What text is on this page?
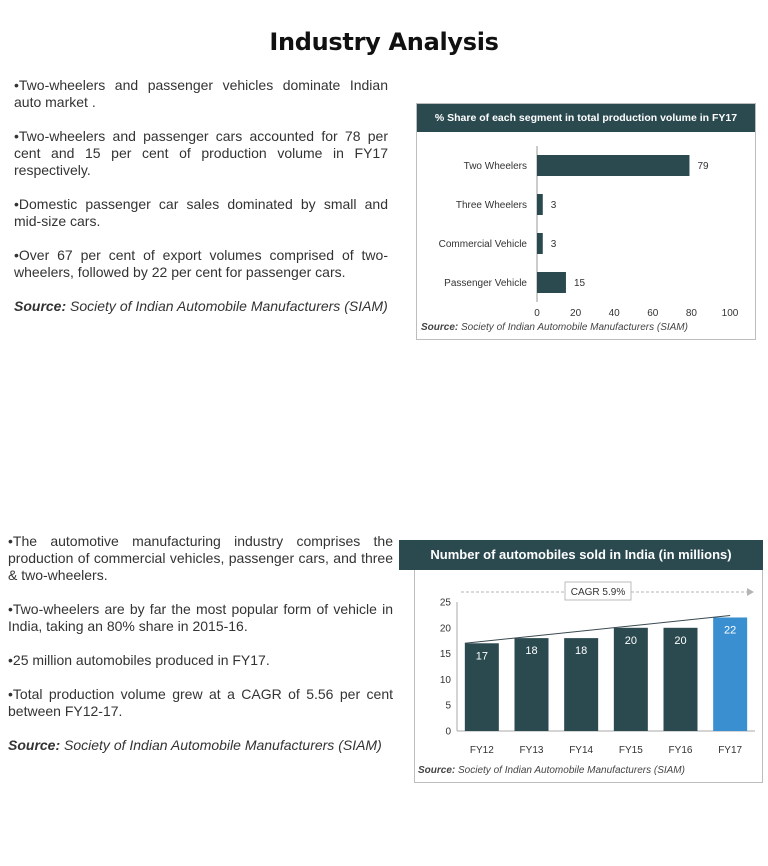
Industry Analysis

• Two-wheelers and passenger vehicles dominate Indian auto market .

• Two-wheelers and passenger cars accounted for 78 per cent and 15 per cent of production volume in FY17 respectively.

• Domestic passenger car sales dominated by small and mid-size cars.

• Over 67 per cent of export volumes comprised of two-wheelers, followed by 22 per cent for passenger cars.

Source: Society of Indian Automobile Manufacturers (SIAM)

• The automotive manufacturing industry comprises the production of commercial vehicles, passenger cars, and three & two-wheelers.

• Two-wheelers are by far the most popular form of vehicle in India, taking an 80% share in 2015-16.

• 25 million automobiles produced in FY17.

• Total production volume grew at a CAGR of 5.56 per cent between FY12-17.

Source: Society of Indian Automobile Manufacturers (SIAM)

% Share of each segment in total production volume in FY17
Two Wheelers	79
Three Wheelers 3
Commercial Vehicle 3
Passenger Vehicle	15
0	20	40	60	80 100
Source: Society of Indian Automobile Manufacturers (SIAM)
Number of automobiles sold in India (in millions)
0
5
10
15
20
25
CAGR 5.9%
17
FY12
18
FY13
18
FY14
20
FY15
20
FY16
22
FY17
Source: Society of Indian Automobile Manufacturers (SIAM)
